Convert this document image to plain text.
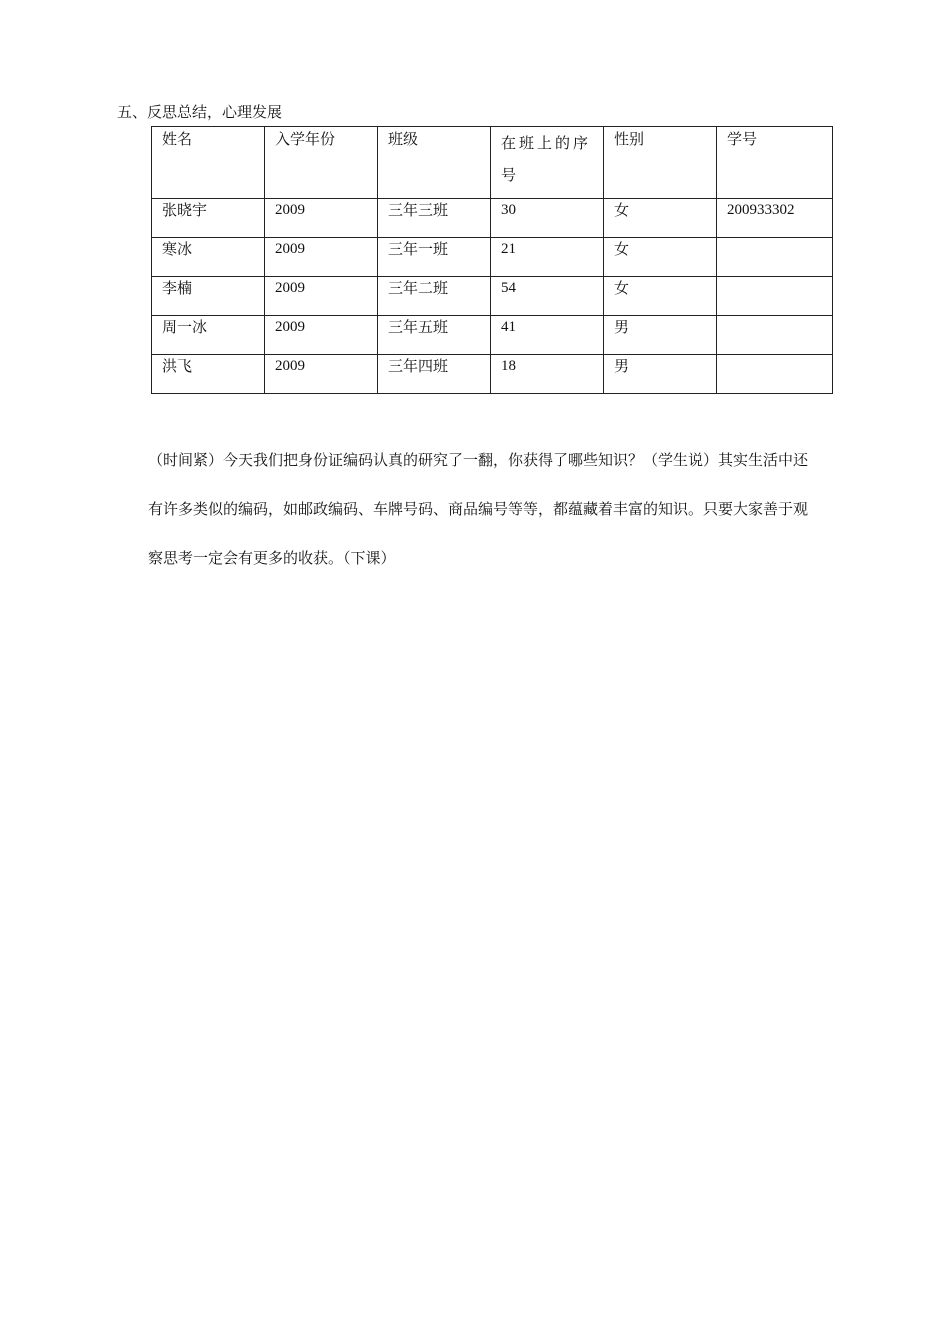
五、反思总结，心理发展
姓名	入学年份	班级	在班上的序号	性别	学号
张晓宇	2009	三年三班	30	女	200933302
寒冰	2009	三年一班	21	女	
李楠	2009	三年二班	54	女	
周一冰	2009	三年五班	41	男	
洪飞	2009	三年四班	18	男	
（时间紧）今天我们把身份证编码认真的研究了一翻，你获得了哪些知识？（学生说）其实生活中还
有许多类似的编码，如邮政编码、车牌号码、商品编号等等，都蕴藏着丰富的知识。只要大家善于观
察思考一定会有更多的收获。（下课）
